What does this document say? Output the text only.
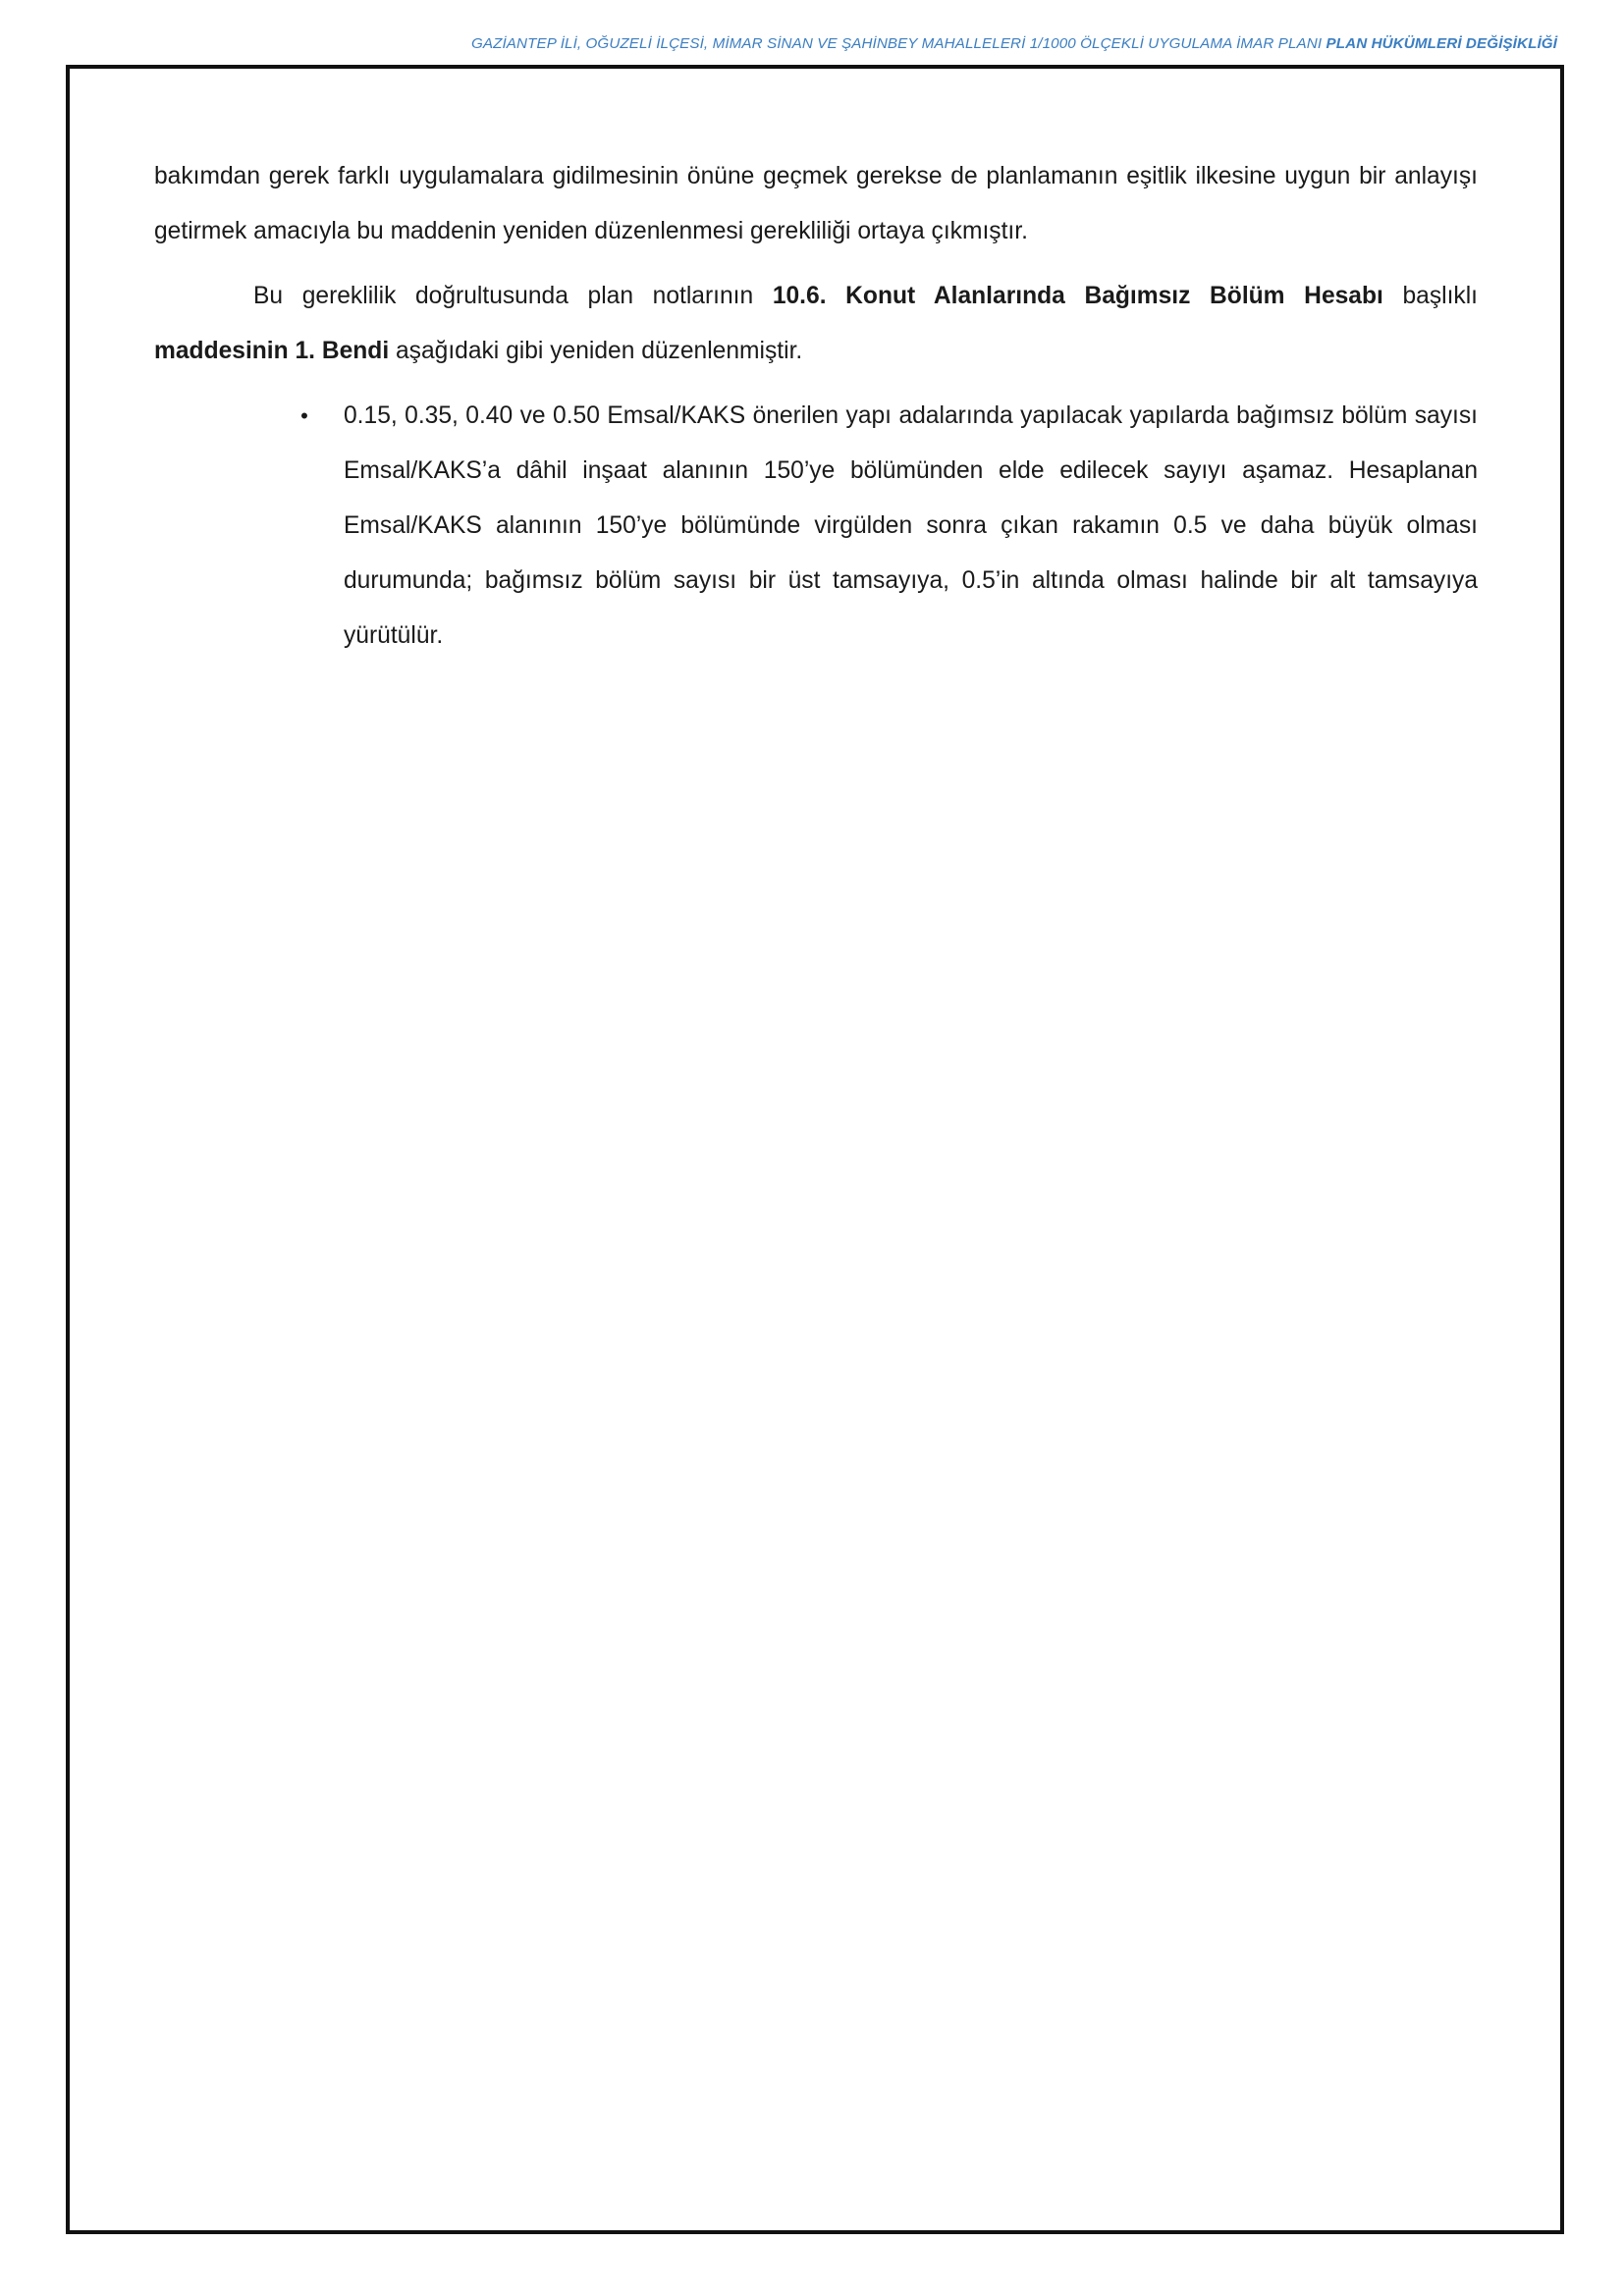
GAZİANTEP İLİ, OĞUZELİ İLÇESİ, MİMAR SİNAN VE ŞAHİNBEY MAHALLELERİ 1/1000 ÖLÇEKLİ UYGULAMA İMAR PLANI PLAN HÜKÜMLERİ DEĞİŞİKLİĞİ

bakımdan gerek farklı uygulamalara gidilmesinin önüne geçmek gerekse de planlamanın eşitlik ilkesine uygun bir anlayışı getirmek amacıyla bu maddenin yeniden düzenlenmesi gerekliliği ortaya çıkmıştır.

Bu gereklilik doğrultusunda plan notlarının 10.6. Konut Alanlarında Bağımsız Bölüm Hesabı başlıklı maddesinin 1. Bendi aşağıdaki gibi yeniden düzenlenmiştir.

• 0.15, 0.35, 0.40 ve 0.50 Emsal/KAKS önerilen yapı adalarında yapılacak yapılarda bağımsız bölüm sayısı Emsal/KAKS’a dâhil inşaat alanının 150’ye bölümünden elde edilecek sayıyı aşamaz. Hesaplanan Emsal/KAKS alanının 150’ye bölümünde virgülden sonra çıkan rakamın 0.5 ve daha büyük olması durumunda; bağımsız bölüm sayısı bir üst tamsayıya, 0.5’in altında olması halinde bir alt tamsayıya yürütülür.
